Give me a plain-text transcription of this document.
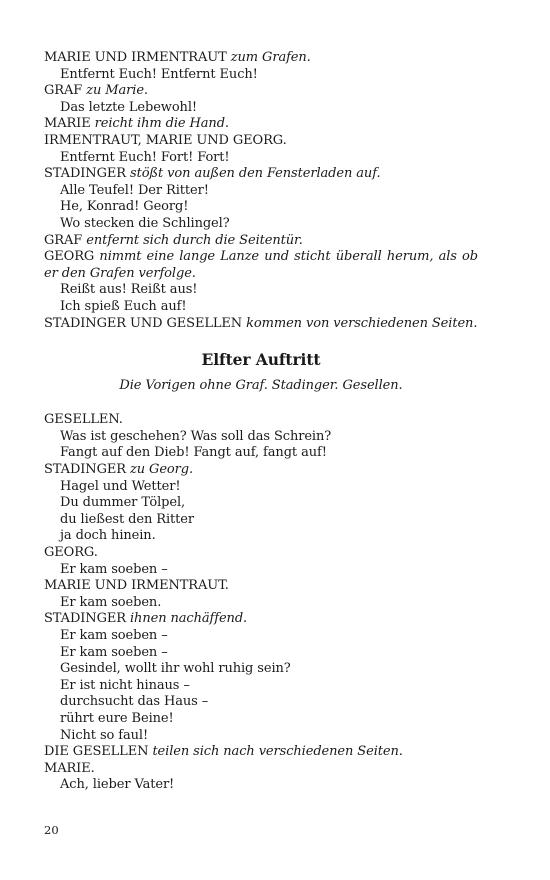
MARIE UND IRMENTRAUT zum Grafen.
Entfernt Euch! Entfernt Euch!
GRAF zu Marie.
Das letzte Lebewohl!
MARIE reicht ihm die Hand.
IRMENTRAUT, MARIE UND GEORG.
Entfernt Euch! Fort! Fort!
STADINGER stößt von außen den Fensterladen auf.
Alle Teufel! Der Ritter!
He, Konrad! Georg!
Wo stecken die Schlingel?
GRAF entfernt sich durch die Seitentür.
GEORG nimmt eine lange Lanze und sticht überall herum, als ob er den Grafen verfolge.
Reißt aus! Reißt aus!
Ich spieß Euch auf!
STADINGER UND GESELLEN kommen von verschiedenen Seiten.
Elfter Auftritt
Die Vorigen ohne Graf. Stadinger. Gesellen.
GESELLEN.
Was ist geschehen? Was soll das Schrein?
Fangt auf den Dieb! Fangt auf, fangt auf!
STADINGER zu Georg.
Hagel und Wetter!
Du dummer Tölpel,
du ließest den Ritter
ja doch hinein.
GEORG.
Er kam soeben –
MARIE UND IRMENTRAUT.
Er kam soeben.
STADINGER ihnen nachäffend.
Er kam soeben –
Er kam soeben –
Gesindel, wollt ihr wohl ruhig sein?
Er ist nicht hinaus –
durchsucht das Haus –
rührt eure Beine!
Nicht so faul!
DIE GESELLEN teilen sich nach verschiedenen Seiten.
MARIE.
Ach, lieber Vater!
20
